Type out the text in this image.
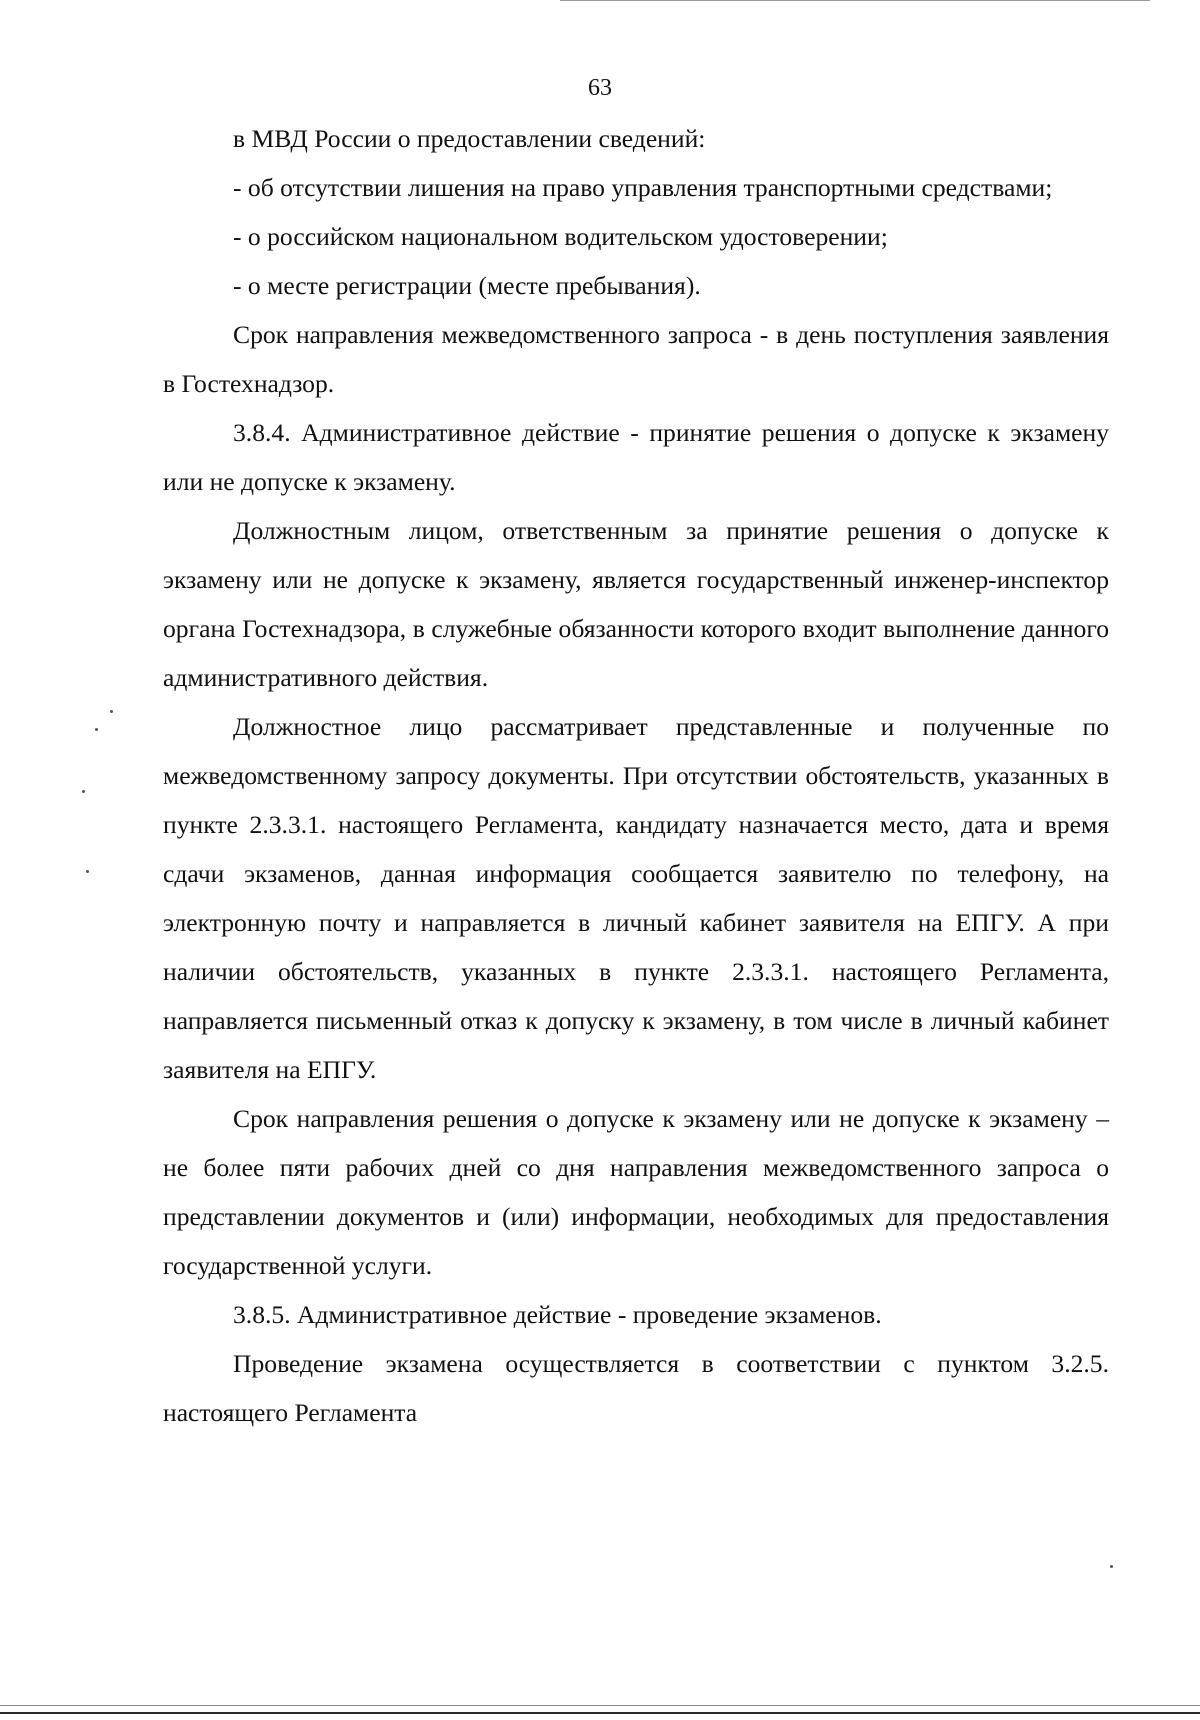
63

в МВД России о предоставлении сведений:

- об отсутствии лишения на право управления транспортными средствами;

- о российском национальном водительском удостоверении;

- о месте регистрации (месте пребывания).

Срок направления межведомственного запроса - в день поступления заявления в Гостехнадзор.

3.8.4. Административное действие - принятие решения о допуске к экзамену или не допуске к экзамену.

Должностным лицом, ответственным за принятие решения о допуске к экзамену или не допуске к экзамену, является государственный инженер-инспектор органа Гостехнадзора, в служебные обязанности которого входит выполнение данного административного действия.

Должностное лицо рассматривает представленные и полученные по межведомственному запросу документы. При отсутствии обстоятельств, указанных в пункте 2.3.3.1. настоящего Регламента, кандидату назначается место, дата и время сдачи экзаменов, данная информация сообщается заявителю по телефону, на электронную почту и направляется в личный кабинет заявителя на ЕПГУ. А при наличии обстоятельств, указанных в пункте 2.3.3.1. настоящего Регламента, направляется письменный отказ к допуску к экзамену, в том числе в личный кабинет заявителя на ЕПГУ.

Срок направления решения о допуске к экзамену или не допуске к экзамену – не более пяти рабочих дней со дня направления межведомственного запроса о представлении документов и (или) информации, необходимых для предоставления государственной услуги.

3.8.5. Административное действие - проведение экзаменов.

Проведение экзамена осуществляется в соответствии с пунктом 3.2.5. настоящего Регламента
